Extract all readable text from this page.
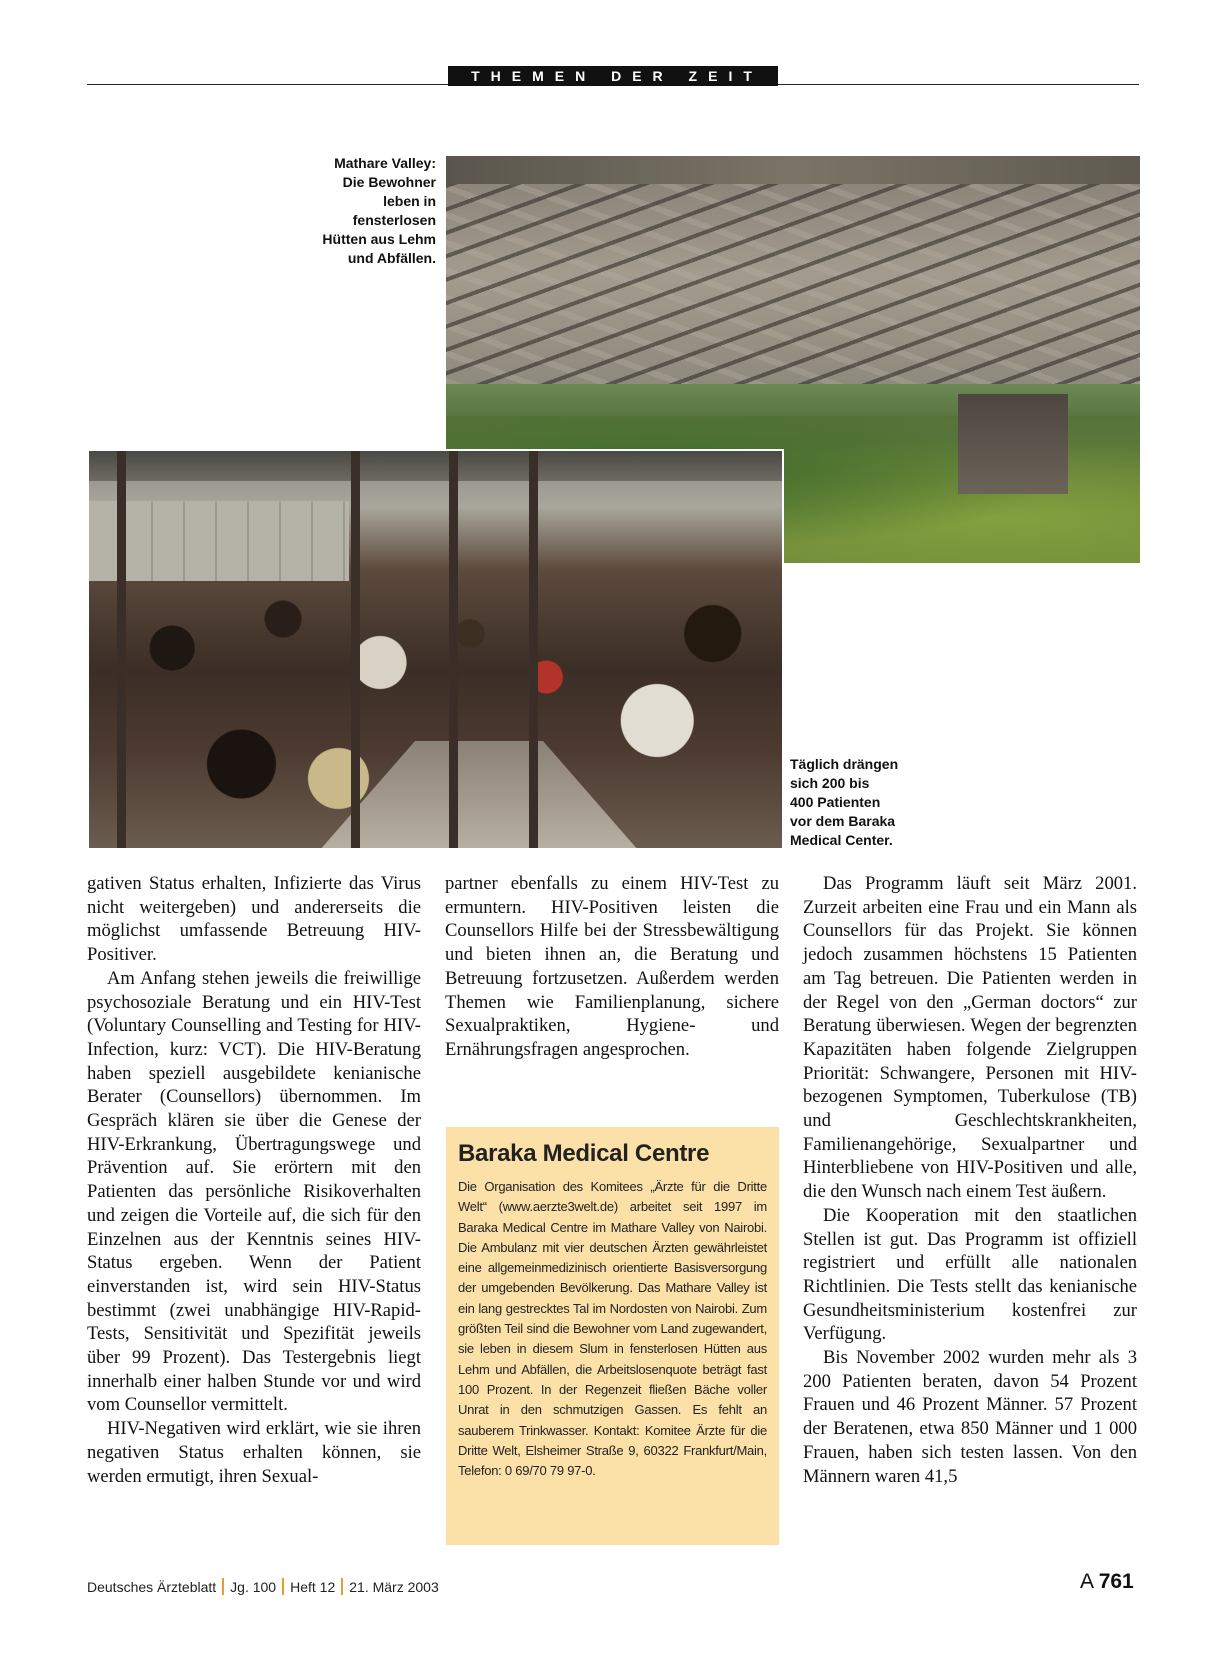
THEMEN DER ZEIT
Mathare Valley:
Die Bewohner
leben in
fensterlosen
Hütten aus Lehm
und Abfällen.
Täglich drängen
sich 200 bis
400 Patienten
vor dem Baraka
Medical Center.

gativen Status erhalten, Infizierte das Virus nicht weitergeben) und andererseits die möglichst umfassende Betreuung HIV-Positiver.

Am Anfang stehen jeweils die freiwillige psychosoziale Beratung und ein HIV-Test (Voluntary Counselling and Testing for HIV-Infection, kurz: VCT). Die HIV-Beratung haben speziell ausgebildete kenianische Berater (Counsellors) übernommen. Im Gespräch klären sie über die Genese der HIV-Erkrankung, Übertragungswege und Prävention auf. Sie erörtern mit den Patienten das persönliche Risikoverhalten und zeigen die Vorteile auf, die sich für den Einzelnen aus der Kenntnis seines HIV-Status ergeben. Wenn der Patient einverstanden ist, wird sein HIV-Status bestimmt (zwei unabhängige HIV-Rapid-Tests, Sensitivität und Spezifität jeweils über 99 Prozent). Das Testergebnis liegt innerhalb einer halben Stunde vor und wird vom Counsellor vermittelt.

HIV-Negativen wird erklärt, wie sie ihren negativen Status erhalten können, sie werden ermutigt, ihren Sexual-

partner ebenfalls zu einem HIV-Test zu ermuntern. HIV-Positiven leisten die Counsellors Hilfe bei der Stressbewältigung und bieten ihnen an, die Beratung und Betreuung fortzusetzen. Außerdem werden Themen wie Familienplanung, sichere Sexualpraktiken, Hygiene- und Ernährungsfragen angesprochen.

Baraka Medical Centre
Die Organisation des Komitees „Ärzte für die Dritte Welt“ (www.aerzte3welt.de) arbeitet seit 1997 im Baraka Medical Centre im Mathare Valley von Nairobi. Die Ambulanz mit vier deutschen Ärzten gewährleistet eine allgemeinmedizinisch orientierte Basisversorgung der umgebenden Bevölkerung. Das Mathare Valley ist ein lang gestrecktes Tal im Nordosten von Nairobi. Zum größten Teil sind die Bewohner vom Land zugewandert, sie leben in diesem Slum in fensterlosen Hütten aus Lehm und Abfällen, die Arbeitslosenquote beträgt fast 100 Prozent. In der Regenzeit fließen Bäche voller Unrat in den schmutzigen Gassen. Es fehlt an sauberem Trinkwasser. Kontakt: Komitee Ärzte für die Dritte Welt, Elsheimer Straße 9, 60322 Frankfurt/Main, Telefon: 0 69/70 79 97-0.

Das Programm läuft seit März 2001. Zurzeit arbeiten eine Frau und ein Mann als Counsellors für das Projekt. Sie können jedoch zusammen höchstens 15 Patienten am Tag betreuen. Die Patienten werden in der Regel von den „German doctors“ zur Beratung überwiesen. Wegen der begrenzten Kapazitäten haben folgende Zielgruppen Priorität: Schwangere, Personen mit HIV-bezogenen Symptomen, Tuberkulose (TB) und Geschlechtskrankheiten, Familienangehörige, Sexualpartner und Hinterbliebene von HIV-Positiven und alle, die den Wunsch nach einem Test äußern.

Die Kooperation mit den staatlichen Stellen ist gut. Das Programm ist offiziell registriert und erfüllt alle nationalen Richtlinien. Die Tests stellt das kenianische Gesundheitsministerium kostenfrei zur Verfügung.

Bis November 2002 wurden mehr als 3 200 Patienten beraten, davon 54 Prozent Frauen und 46 Prozent Männer. 57 Prozent der Beratenen, etwa 850 Männer und 1 000 Frauen, haben sich testen lassen. Von den Männern waren 41,5

Deutsches Ärzteblatt Jg. 100 Heft 12 21. März 2003	A 761
